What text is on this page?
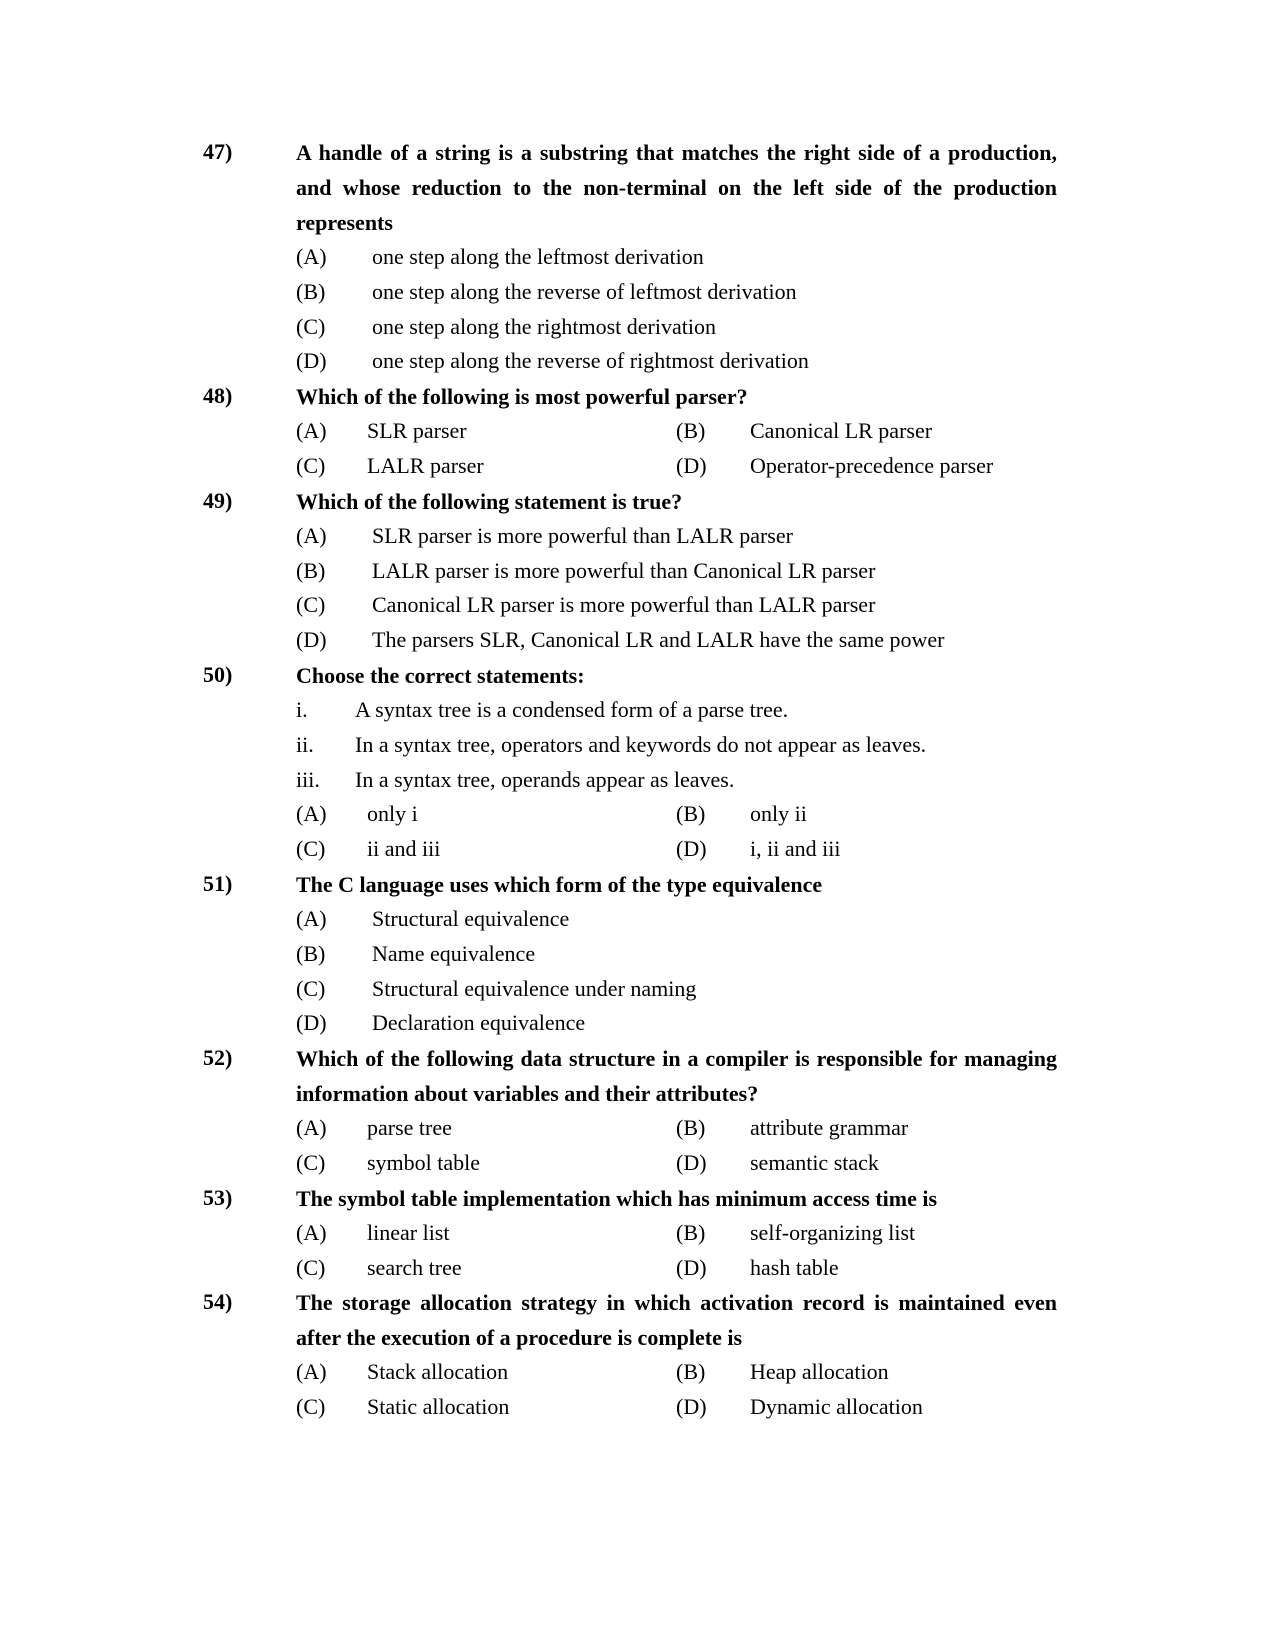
47)	A handle of a string is a substring that matches the right side of a production, and whose reduction to the non-terminal on the left side of the production represents
(A) one step along the leftmost derivation
(B) one step along the reverse of leftmost derivation
(C) one step along the rightmost derivation
(D) one step along the reverse of rightmost derivation
48)	Which of the following is most powerful parser?
(A) SLR parser	(B) Canonical LR parser
(C) LALR parser	(D) Operator-precedence parser
49)	Which of the following statement is true?
(A) SLR parser is more powerful than LALR parser
(B) LALR parser is more powerful than Canonical LR parser
(C) Canonical LR parser is more powerful than LALR parser
(D) The parsers SLR, Canonical LR and LALR have the same power
50)	Choose the correct statements:
i. A syntax tree is a condensed form of a parse tree.
ii. In a syntax tree, operators and keywords do not appear as leaves.
iii. In a syntax tree, operands appear as leaves.
(A) only i	(B) only ii
(C) ii and iii	(D) i, ii and iii
51)	The C language uses which form of the type equivalence
(A) Structural equivalence
(B) Name equivalence
(C) Structural equivalence under naming
(D) Declaration equivalence
52)	Which of the following data structure in a compiler is responsible for managing information about variables and their attributes?
(A) parse tree	(B) attribute grammar
(C) symbol table	(D) semantic stack
53)	The symbol table implementation which has minimum access time is
(A) linear list	(B) self-organizing list
(C) search tree	(D) hash table
54)	The storage allocation strategy in which activation record is maintained even after the execution of a procedure is complete is
(A) Stack allocation	(B) Heap allocation
(C) Static allocation	(D) Dynamic allocation
